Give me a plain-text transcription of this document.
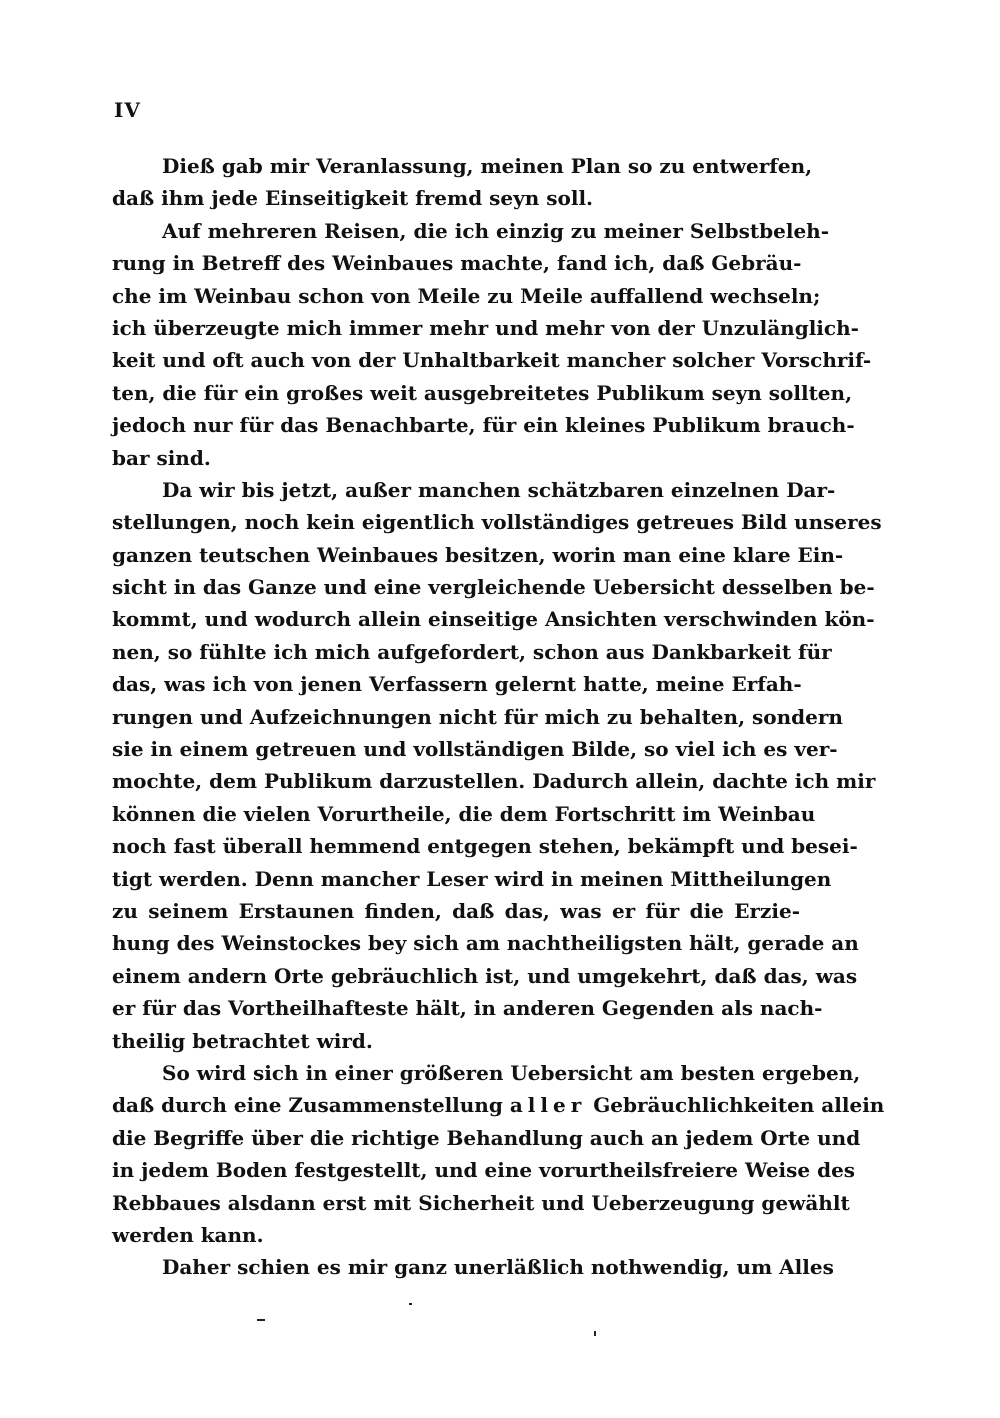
IV
Dieß gab mir Veranlassung, meinen Plan so zu entwerfen,
daß ihm jede Einseitigkeit fremd seyn soll.
Auf mehreren Reisen, die ich einzig zu meiner Selbstbeleh-
rung in Betreff des Weinbaues machte, fand ich, daß Gebräu-
che im Weinbau schon von Meile zu Meile auffallend wechseln;
ich überzeugte mich immer mehr und mehr von der Unzulänglich-
keit und oft auch von der Unhaltbarkeit mancher solcher Vorschrif-
ten, die für ein großes weit ausgebreitetes Publikum seyn sollten,
jedoch nur für das Benachbarte, für ein kleines Publikum brauch-
bar sind.
Da wir bis jetzt, außer manchen schätzbaren einzelnen Dar-
stellungen, noch kein eigentlich vollständiges getreues Bild unseres
ganzen teutschen Weinbaues besitzen, worin man eine klare Ein-
sicht in das Ganze und eine vergleichende Uebersicht desselben be-
kommt, und wodurch allein einseitige Ansichten verschwinden kön-
nen, so fühlte ich mich aufgefordert, schon aus Dankbarkeit für
das, was ich von jenen Verfassern gelernt hatte, meine Erfah-
rungen und Aufzeichnungen nicht für mich zu behalten, sondern
sie in einem getreuen und vollständigen Bilde, so viel ich es ver-
mochte, dem Publikum darzustellen. Dadurch allein, dachte ich mir
können die vielen Vorurtheile, die dem Fortschritt im Weinbau
noch fast überall hemmend entgegen stehen, bekämpft und besei-
tigt werden. Denn mancher Leser wird in meinen Mittheilungen
zu seinem Erstaunen finden, daß das, was er für die Erzie-
hung des Weinstockes bey sich am nachtheiligsten hält, gerade an
einem andern Orte gebräuchlich ist, und umgekehrt, daß das, was
er für das Vortheilhafteste hält, in anderen Gegenden als nach-
theilig betrachtet wird.
So wird sich in einer größeren Uebersicht am besten ergeben,
daß durch eine Zusammenstellung aller Gebräuchlichkeiten allein
die Begriffe über die richtige Behandlung auch an jedem Orte und
in jedem Boden festgestellt, und eine vorurtheilsfreiere Weise des
Rebbaues alsdann erst mit Sicherheit und Ueberzeugung gewählt
werden kann.
Daher schien es mir ganz unerläßlich nothwendig, um Alles
